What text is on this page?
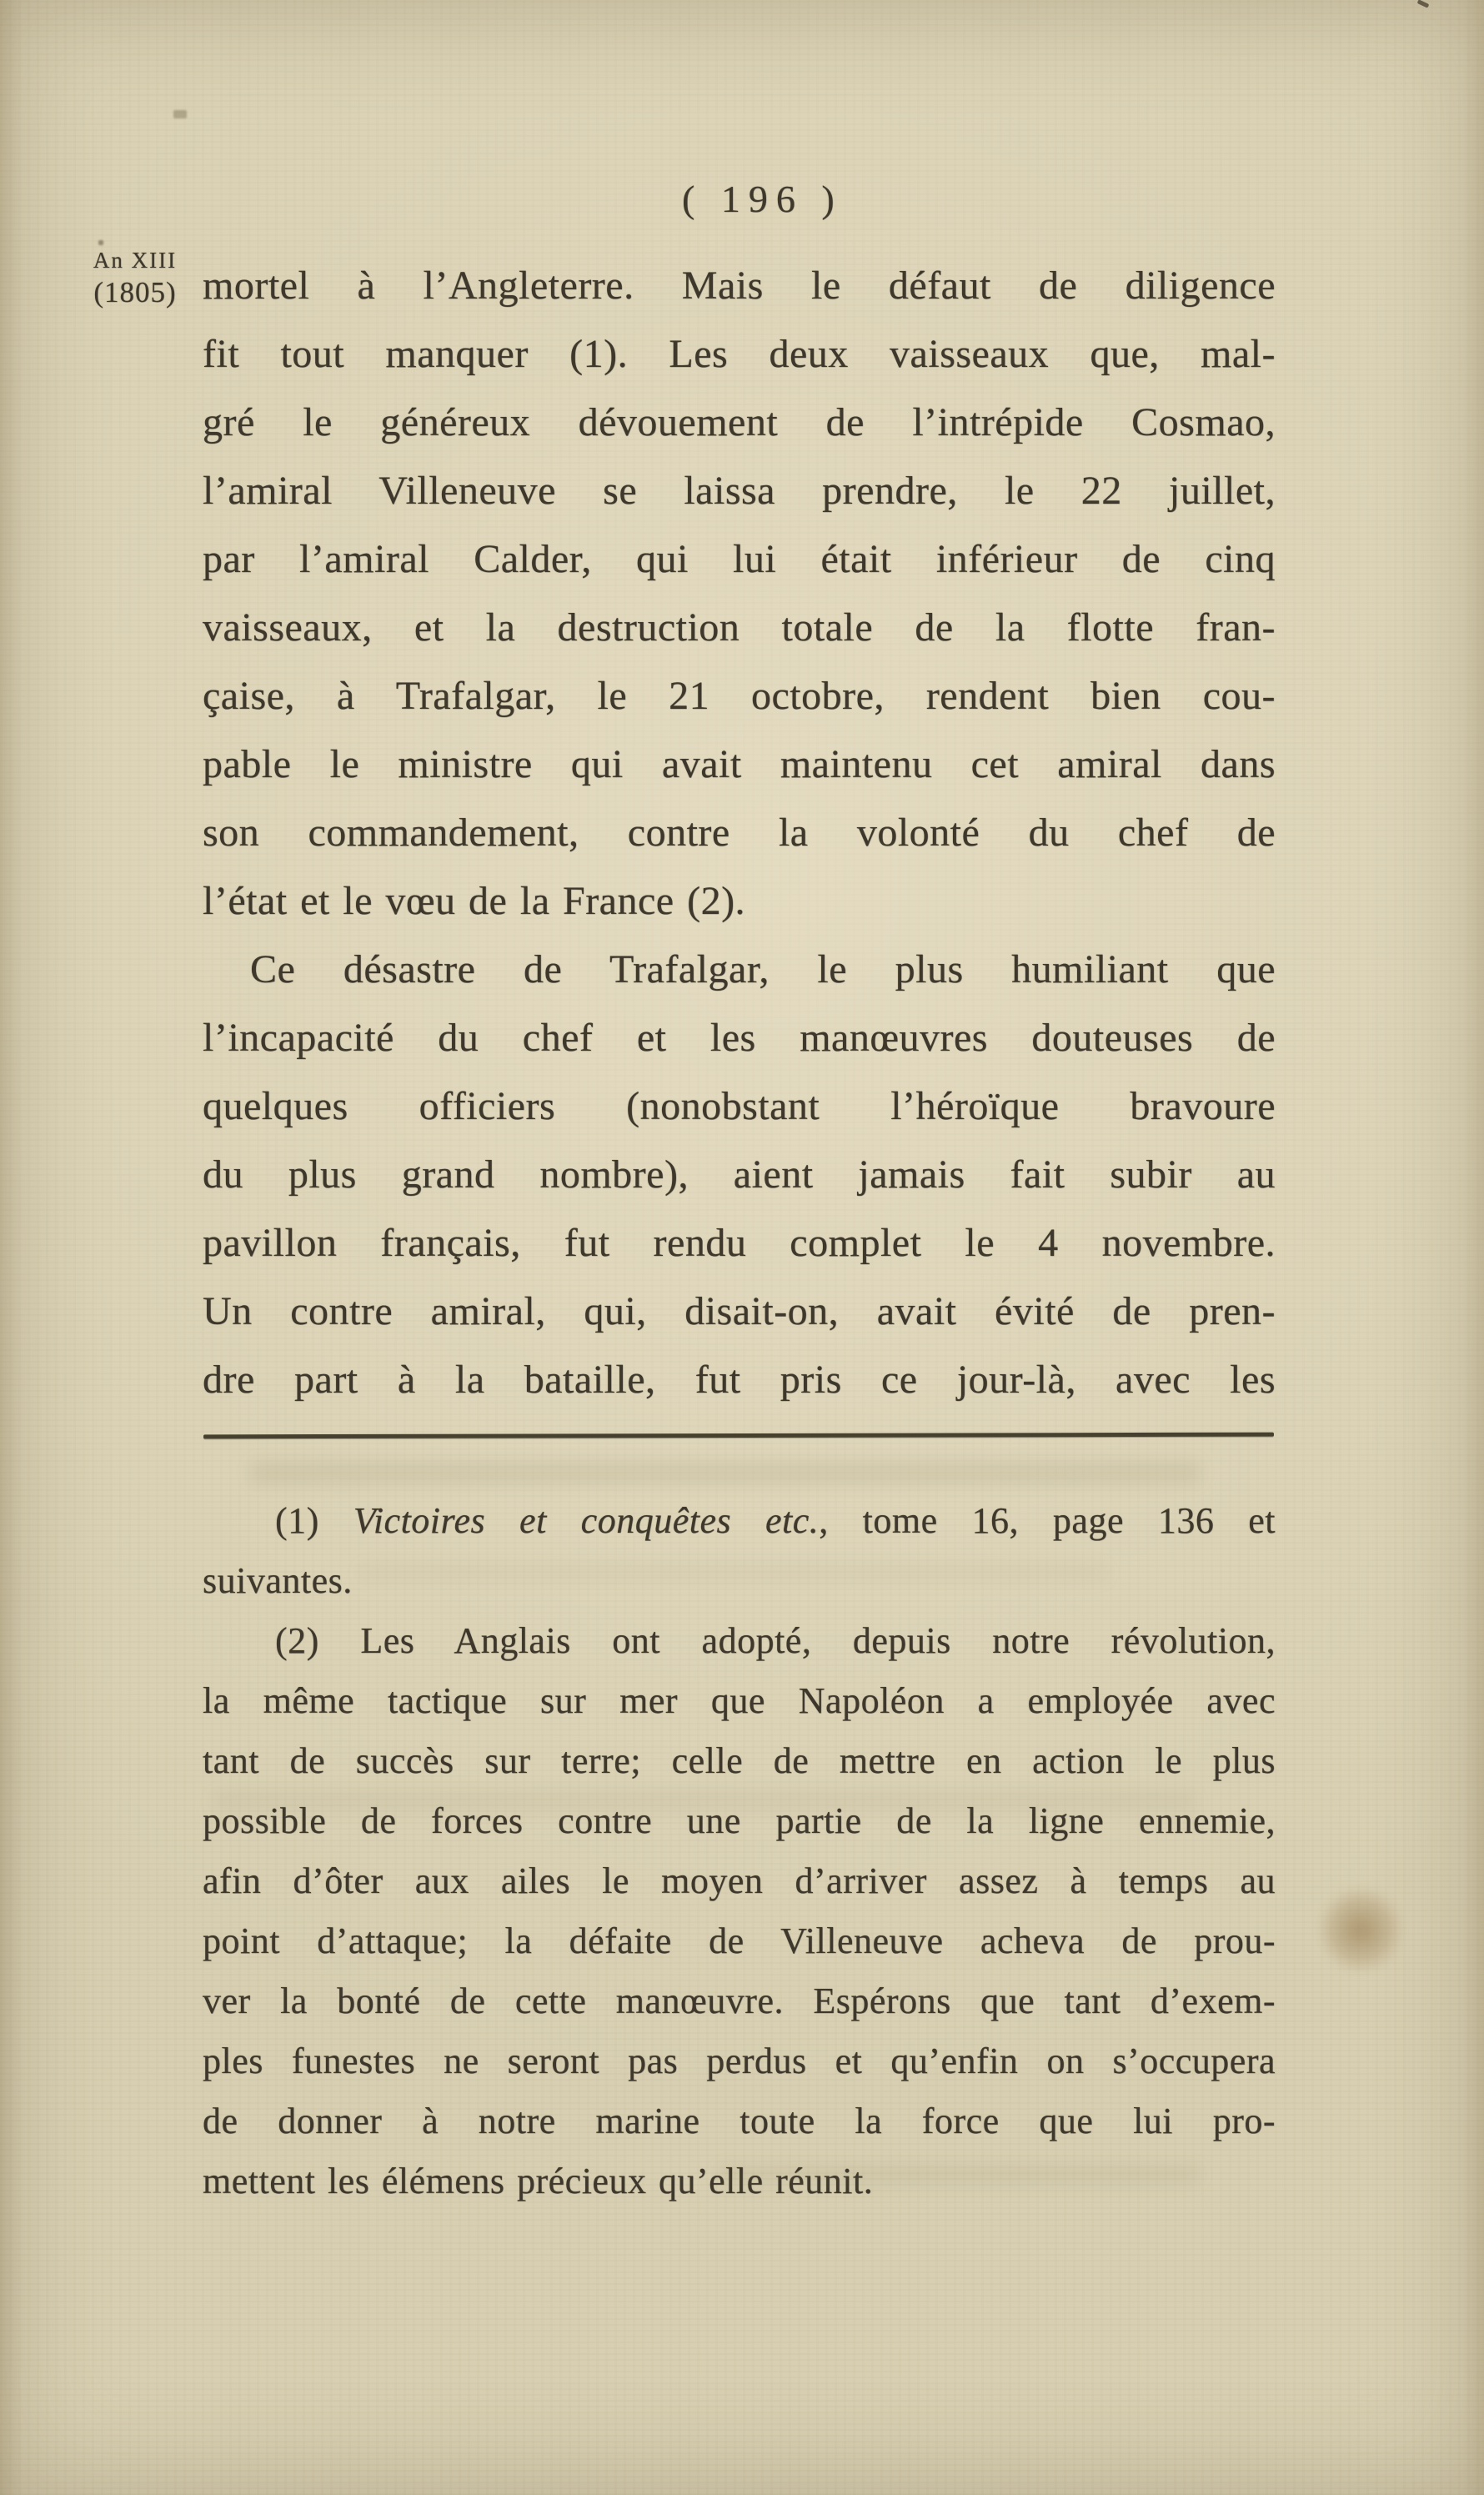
( 196 )
An XIII
(1805) mortel à l’Angleterre. Mais le défaut de diligence
fit tout manquer (1). Les deux vaisseaux que, mal-
gré le généreux dévouement de l’intrépide Cosmao,
l’amiral Villeneuve se laissa prendre, le 22 juillet,
par l’amiral Calder, qui lui était inférieur de cinq
vaisseaux, et la destruction totale de la flotte fran-
çaise, à Trafalgar, le 21 octobre, rendent bien cou-
pable le ministre qui avait maintenu cet amiral dans
son commandement, contre la volonté du chef de
l’état et le vœu de la France (2).
Ce désastre de Trafalgar, le plus humiliant que
l’incapacité du chef et les manœuvres douteuses de
quelques officiers (nonobstant l’héroïque bravoure
du plus grand nombre), aient jamais fait subir au
pavillon français, fut rendu complet le 4 novembre.
Un contre amiral, qui, disait-on, avait évité de pren-
dre part à la bataille, fut pris ce jour-là, avec les
(1) Victoires et conquêtes etc., tome 16, page 136 et
suivantes.
(2) Les Anglais ont adopté, depuis notre révolution,
la même tactique sur mer que Napoléon a employée avec
tant de succès sur terre; celle de mettre en action le plus
possible de forces contre une partie de la ligne ennemie,
afin d’ôter aux ailes le moyen d’arriver assez à temps au
point d’attaque; la défaite de Villeneuve acheva de prou-
ver la bonté de cette manœuvre. Espérons que tant d’exem-
ples funestes ne seront pas perdus et qu’enfin on s’occupera
de donner à notre marine toute la force que lui pro-
mettent les élémens précieux qu’elle réunit.
